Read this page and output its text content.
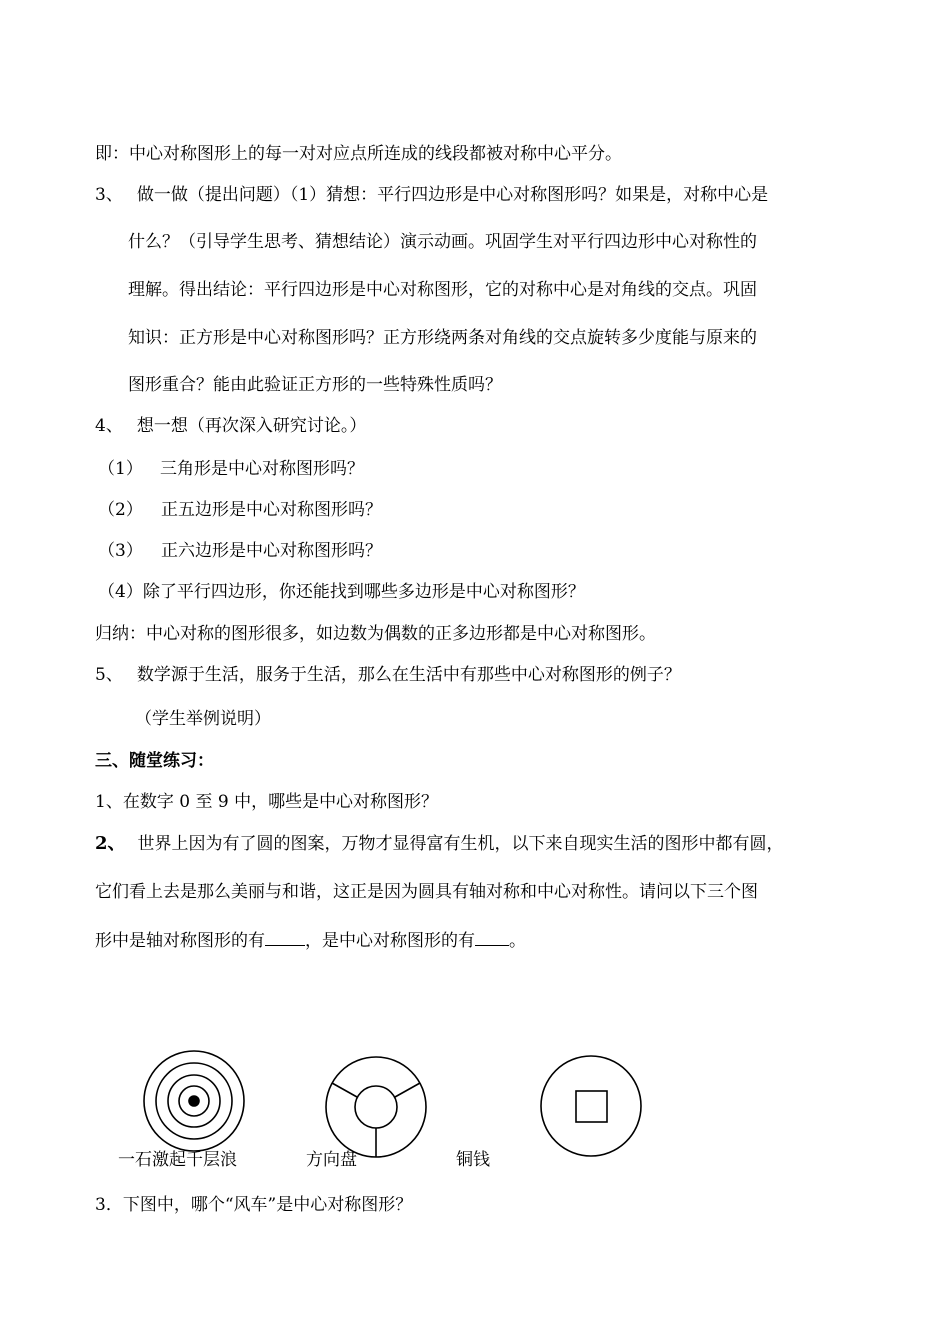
即：中心对称图形上的每一对对应点所连成的线段都被对称中心平分。
3、 做一做（提出问题）（1）猜想：平行四边形是中心对称图形吗？如果是，对称中心是
什么？（引导学生思考、猜想结论）演示动画。巩固学生对平行四边形中心对称性的
理解。得出结论：平行四边形是中心对称图形，它的对称中心是对角线的交点。巩固
知识：正方形是中心对称图形吗？正方形绕两条对角线的交点旋转多少度能与原来的
图形重合？能由此验证正方形的一些特殊性质吗？
4、 想一想（再次深入研究讨论。）
（1） 三角形是中心对称图形吗？
（2） 正五边形是中心对称图形吗？
（3） 正六边形是中心对称图形吗？
（4）除了平行四边形，你还能找到哪些多边形是中心对称图形？
归纳：中心对称的图形很多，如边数为偶数的正多边形都是中心对称图形。
5、 数学源于生活，服务于生活，那么在生活中有那些中心对称图形的例子？
（学生举例说明）
三、随堂练习：
1、在数字 0 至 9 中，哪些是中心对称图形？
2、 世界上因为有了圆的图案，万物才显得富有生机，以下来自现实生活的图形中都有圆，
它们看上去是那么美丽与和谐，这正是因为圆具有轴对称和中心对称性。请问以下三个图
形中是轴对称图形的有 ，是中心对称图形的有 。
一石激起千层浪	方向盘	铜钱
3．下图中，哪个“风车”是中心对称图形？
